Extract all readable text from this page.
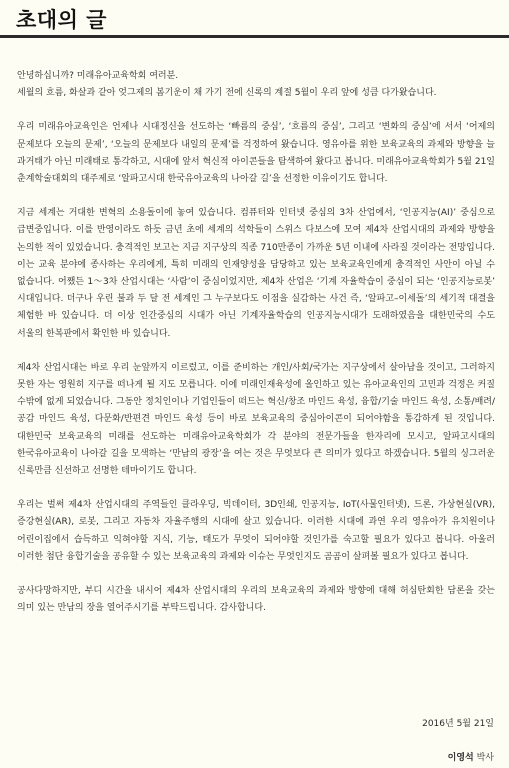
초대의 글

안녕하십니까? 미래유아교육학회 여러분.
세월의 흐름, 화살과 같아 엊그제의 봄기운이 채 가기 전에 신록의 계절 5월이 우리 앞에 성큼 다가왔습니다.

우리 미래유아교육인은 언제나 시대정신을 선도하는 ‘빠름의 중심’, ‘흐름의 중심’, 그리고 ‘변화의 중심’에 서서 ‘어제의 문제보다 오늘의 문제’, ‘오늘의 문제보다 내일의 문제’를 걱정하여 왔습니다. 영유아를 위한 보육교육의 과제와 방향을 늘 과거태가 아닌 미래태로 통각하고, 시대에 앞서 혁신적 아이콘들을 탐색하여 왔다고 봅니다. 미래유아교육학회가 5월 21일 춘계학술대회의 대주제로 ‘알파고시대 한국유아교육의 나아갈 길’을 선정한 이유이기도 합니다.

지금 세계는 거대한 변혁의 소용돌이에 놓여 있습니다. 컴퓨터와 인터넷 중심의 3차 산업에서, ‘인공지능(AI)’ 중심으로 급변중입니다. 이를 반영이라도 하듯 금년 초에 세계의 석학들이 스위스 다보스에 모여 제4차 산업시대의 과제와 방향을 논의한 적이 있었습니다. 충격적인 보고는 지금 지구상의 직종 710만종이 가까운 5년 이내에 사라질 것이라는 전망입니다. 이는 교육 분야에 종사하는 우리에게, 특히 미래의 인재양성을 담당하고 있는 보육교육인에게 충격적인 사안이 아닐 수 없습니다. 어쨌든 1～3차 산업시대는 ‘사람’이 중심이었지만, 제4차 산업은 ‘기계 자율학습이 중심이 되는 ‘인공지능로봇’ 시대입니다. 더구나 우린 불과 두 달 전 세계인 그 누구보다도 이점을 실감하는 사건 즉, ‘알파고–이세돌’의 세기적 대결을 체험한 바 있습니다. 더 이상 인간중심의 시대가 아닌 기계자율학습의 인공지능시대가 도래하였음을 대한민국의 수도 서울의 한복판에서 확인한 바 있습니다.

제4차 산업시대는 바로 우리 눈앞까지 이르렀고, 이를 준비하는 개인/사회/국가는 지구상에서 살아남을 것이고, 그러하지 못한 자는 영원히 지구를 떠나게 될 지도 모릅니다. 이에 미래인재육성에 올인하고 있는 유아교육인의 고민과 걱정은 커질 수밖에 없게 되었습니다. 그동안 정치인이나 기업인들이 떠드는 혁신/창조 마인드 육성, 융합/기술 마인드 육성, 소통/배려/공감 마인드 육성, 다문화/반편견 마인드 육성 등이 바로 보육교육의 중심아이콘이 되어야함을 통감하게 된 것입니다. 대한민국 보육교육의 미래를 선도하는 미래유아교육학회가 각 분야의 전문가들을 한자리에 모시고, 알파고시대의 한국유아교육이 나아갈 길을 모색하는 ‘만남의 광장’을 여는 것은 무엇보다 큰 의미가 있다고 하겠습니다. 5월의 싱그러운 신록만큼 신선하고 선명한 테마이기도 합니다.

우리는 벌써 제4차 산업시대의 주역들인 클라우딩, 빅데이터, 3D인쇄, 인공지능, IoT(사물인터넷), 드론, 가상현실(VR), 증강현실(AR), 로봇, 그리고 자동차 자율주행의 시대에 살고 있습니다. 이러한 시대에 과연 우리 영유아가 유치원이나 어린이집에서 습득하고 익혀야할 지식, 기능, 태도가 무엇이 되어야할 것인가를 숙고할 필요가 있다고 봅니다. 아울러 이러한 첨단 융합기술을 공유할 수 있는 보육교육의 과제와 이슈는 무엇인지도 곰곰이 살펴볼 필요가 있다고 봅니다.

공사다망하지만, 부디 시간을 내시어 제4차 산업시대의 우리의 보육교육의 과제와 방향에 대해 허심탄회한 담론을 갖는 의미 있는 만남의 장을 열어주시기를 부탁드립니다. 감사합니다.

2016년 5월 21일
이영석 박사
